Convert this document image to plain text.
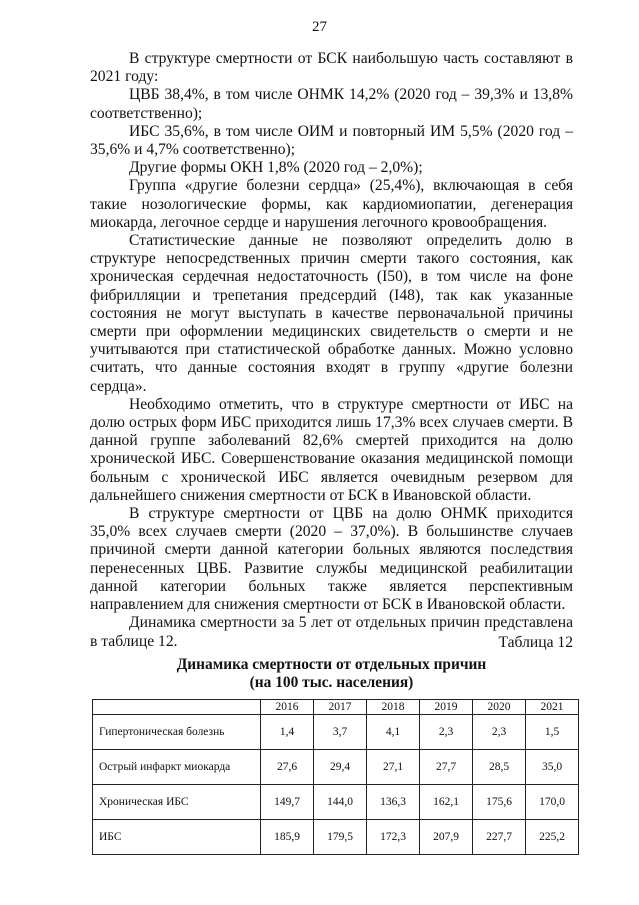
27

В структуре смертности от БСК наибольшую часть составляют в 2021 году:

ЦВБ 38,4%, в том числе ОНМК 14,2% (2020 год – 39,3% и 13,8% соответственно);

ИБС 35,6%, в том числе ОИМ и повторный ИМ 5,5% (2020 год – 35,6% и 4,7% соответственно);

Другие формы ОКН 1,8% (2020 год – 2,0%);

Группа «другие болезни сердца» (25,4%), включающая в себя такие нозологические формы, как кардиомиопатии, дегенерация миокарда, легочное сердце и нарушения легочного кровообращения.

Статистические данные не позволяют определить долю в структуре непосредственных причин смерти такого состояния, как хроническая сердечная недостаточность (I50), в том числе на фоне фибрилляции и трепетания предсердий (I48), так как указанные состояния не могут выступать в качестве первоначальной причины смерти при оформлении медицинских свидетельств о смерти и не учитываются при статистической обработке данных. Можно условно считать, что данные состояния входят в группу «другие болезни сердца».

Необходимо отметить, что в структуре смертности от ИБС на долю острых форм ИБС приходится лишь 17,3% всех случаев смерти. В данной группе заболеваний 82,6% смертей приходится на долю хронической ИБС. Совершенствование оказания медицинской помощи больным с хронической ИБС является очевидным резервом для дальнейшего снижения смертности от БСК в Ивановской области.

В структуре смертности от ЦВБ на долю ОНМК приходится 35,0% всех случаев смерти (2020 – 37,0%). В большинстве случаев причиной смерти данной категории больных являются последствия перенесенных ЦВБ. Развитие службы медицинской реабилитации данной категории больных также является перспективным направлением для снижения смертности от БСК в Ивановской области.

Динамика смертности за 5 лет от отдельных причин представлена в таблице 12.	Таблица 12
Динамика смертности от отдельных причин
(на 100 тыс. населения)
	2016	2017	2018	2019	2020	2021
Гипертоническая болезнь	1,4	3,7	4,1	2,3	2,3	1,5
Острый инфаркт миокарда	27,6	29,4	27,1	27,7	28,5	35,0
Хроническая ИБС	149,7	144,0	136,3	162,1	175,6	170,0
ИБС	185,9	179,5	172,3	207,9	227,7	225,2
